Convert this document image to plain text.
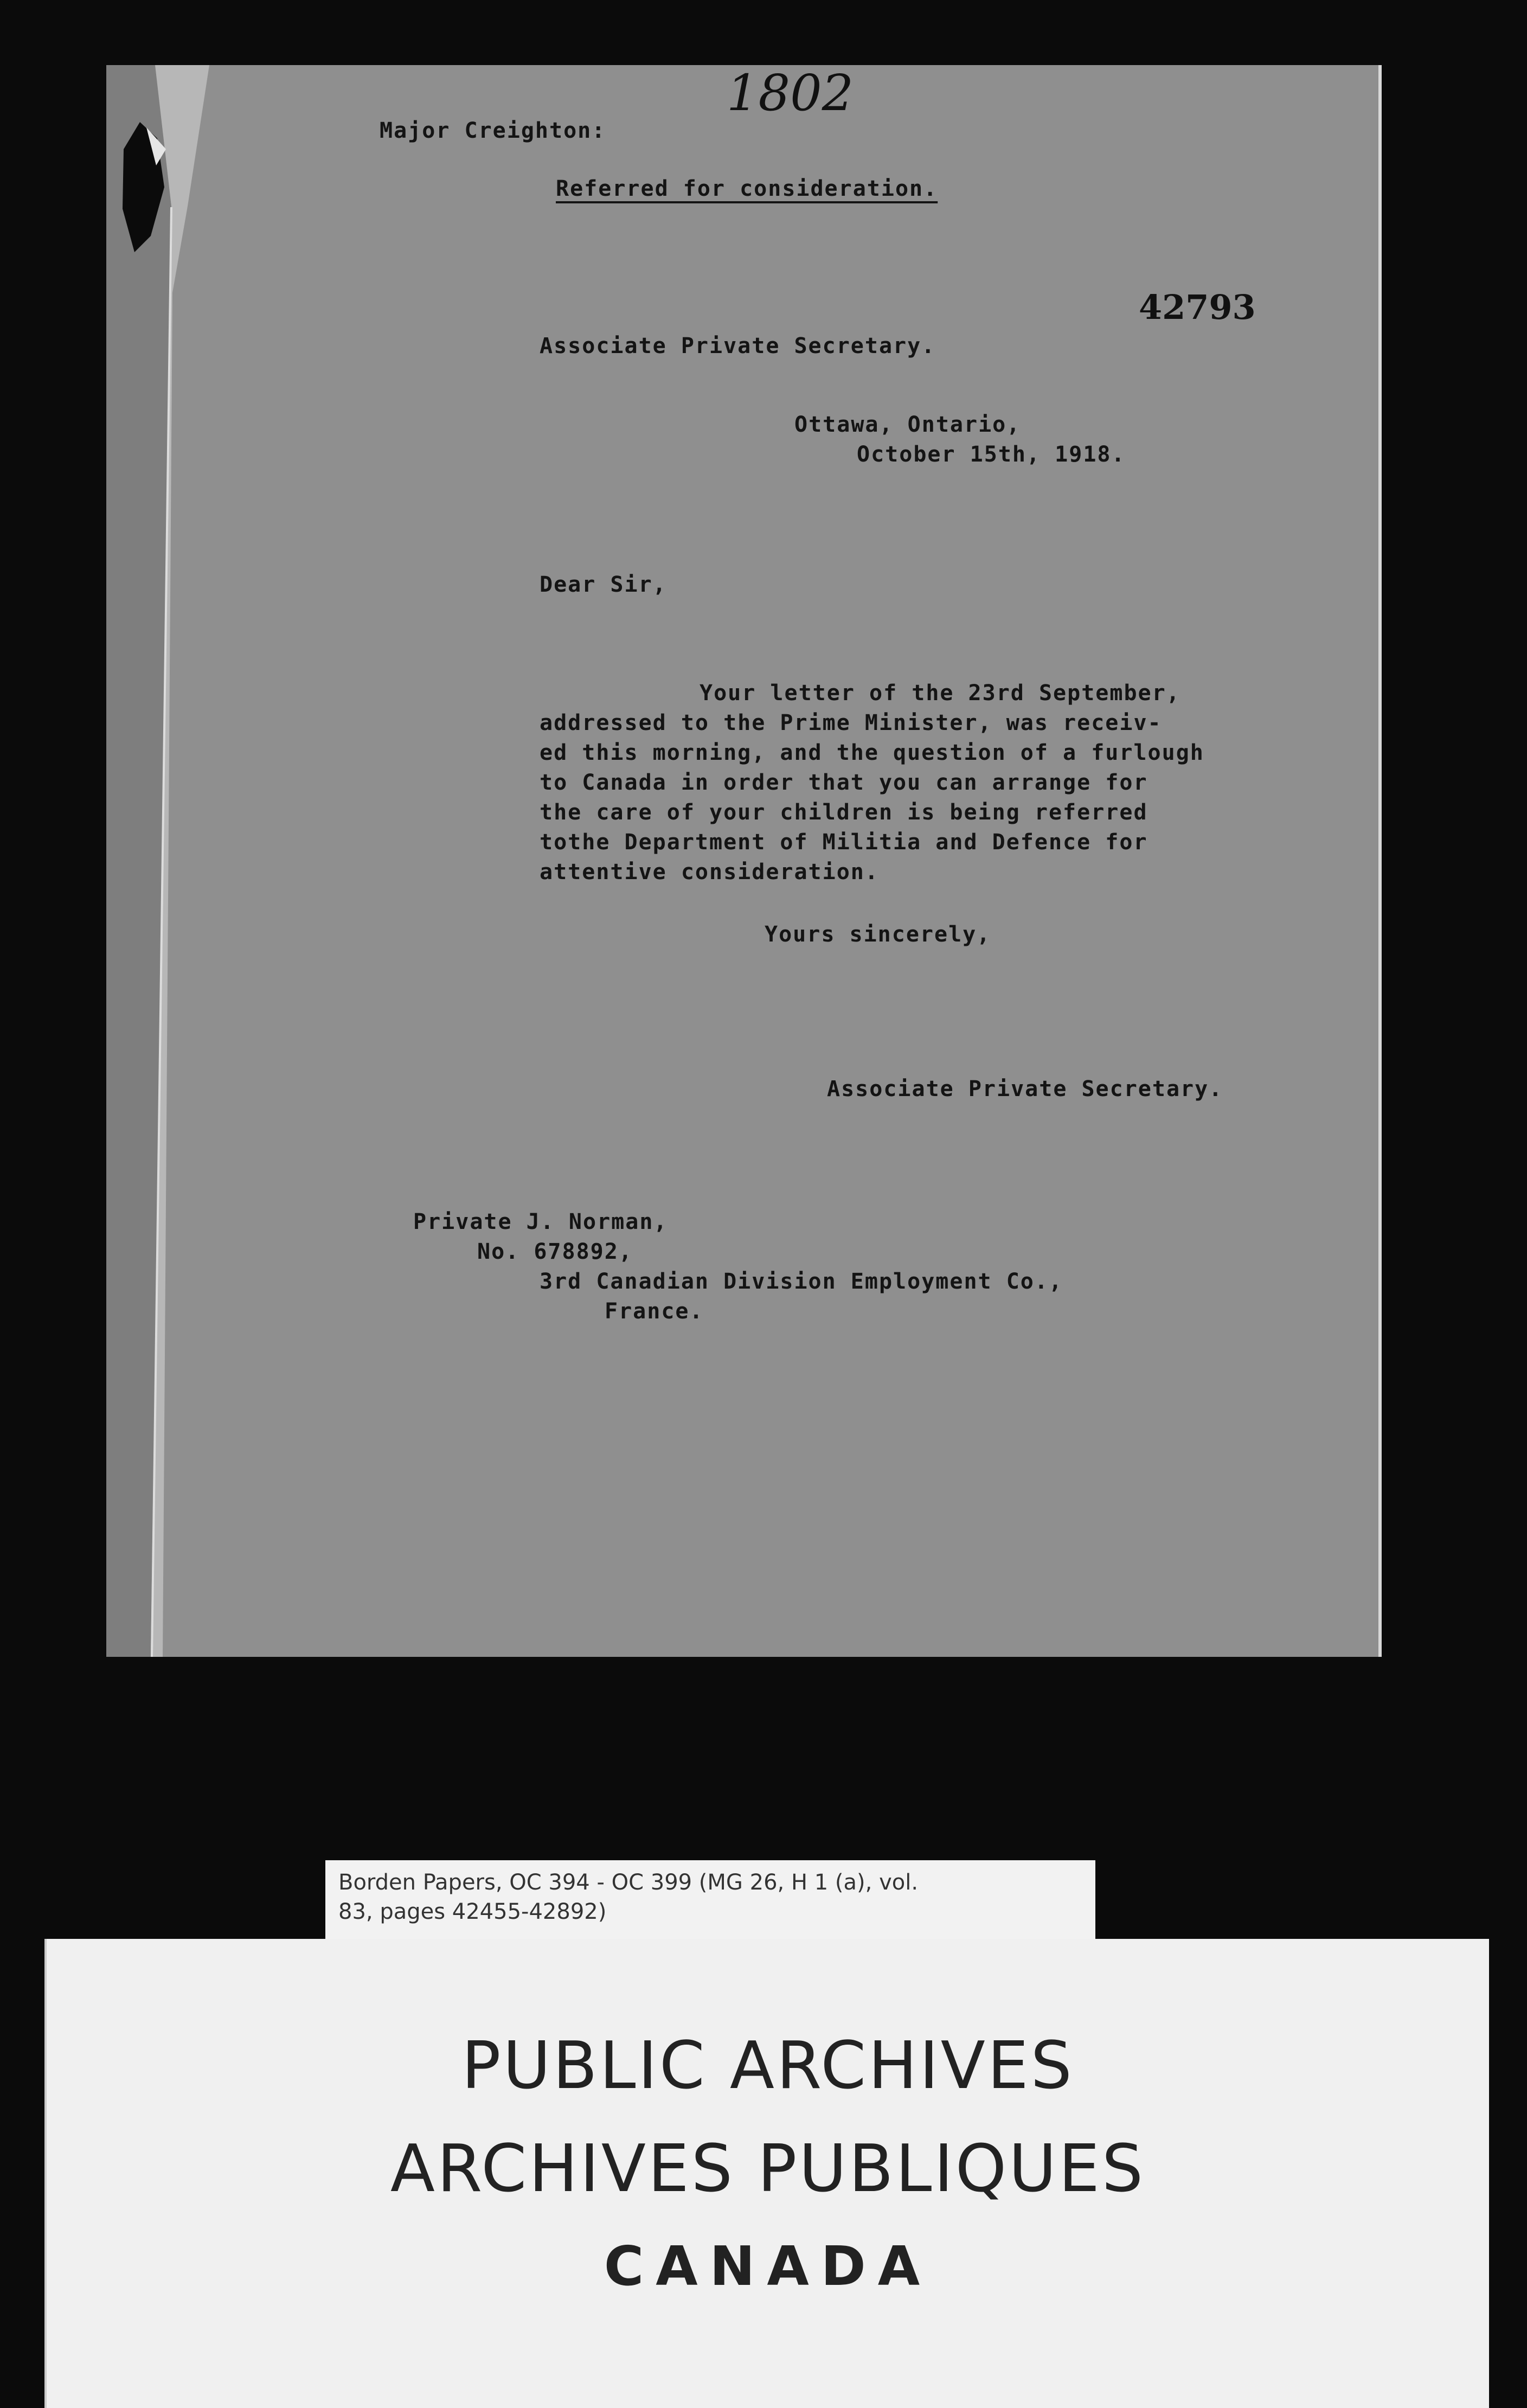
1802
Major Creighton:
Referred for consideration.
42793
Associate Private Secretary.
Ottawa, Ontario,
October 15th, 1918.
Dear Sir,
Your letter of the 23rd September,
addressed to the Prime Minister, was receiv-
ed this morning, and the question of a furlough
to Canada in order that you can arrange for
the care of your children is being referred
tothe Department of Militia and Defence for
attentive consideration.
Yours sincerely,
Associate Private Secretary.
Private J. Norman,
No. 678892,
3rd Canadian Division Employment Co.,
France.
Borden Papers, OC 394 - OC 399 (MG 26, H 1 (a), vol.
83, pages 42455-42892)
PUBLIC ARCHIVES
ARCHIVES PUBLIQUES
CANADA
